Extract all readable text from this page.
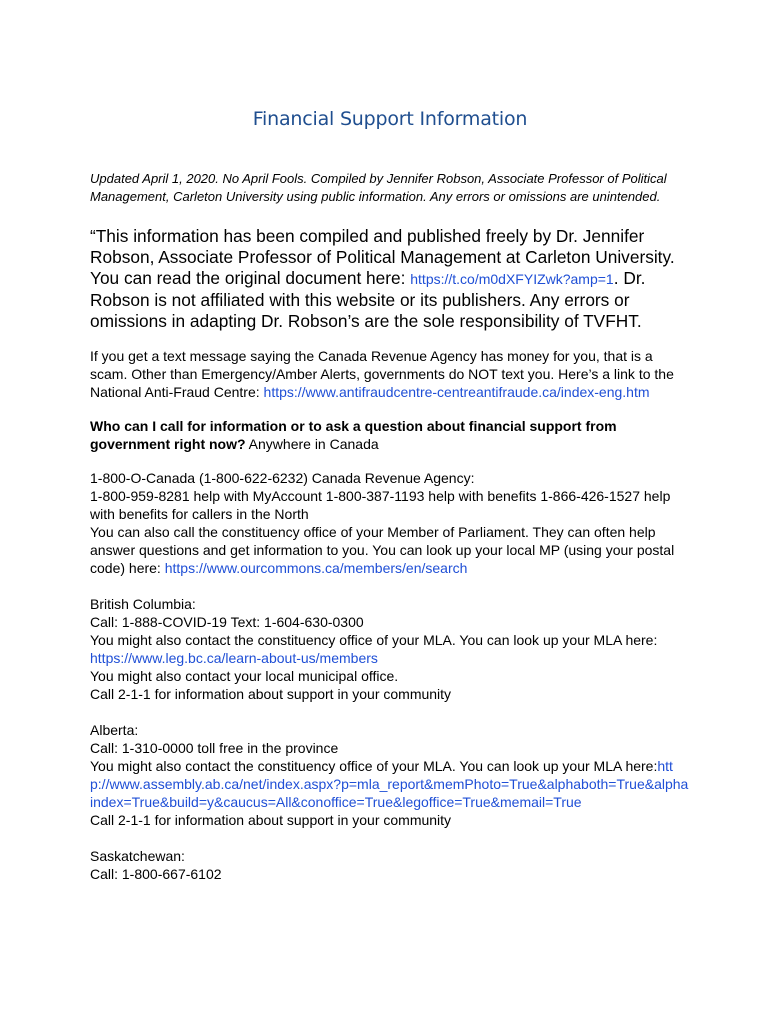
Financial Support Information

Updated April 1, 2020. No April Fools. Compiled by Jennifer Robson, Associate Professor of Political Management, Carleton University using public information. Any errors or omissions are unintended.

“This information has been compiled and published freely by Dr. Jennifer Robson, Associate Professor of Political Management at Carleton University. You can read the original document here: https://t.co/m0dXFYIZwk?amp=1. Dr. Robson is not affiliated with this website or its publishers. Any errors or omissions in adapting Dr. Robson’s are the sole responsibility of TVFHT.

If you get a text message saying the Canada Revenue Agency has money for you, that is a scam. Other than Emergency/Amber Alerts, governments do NOT text you. Here’s a link to the National Anti-Fraud Centre: https://www.antifraudcentre-centreantifraude.ca/index-eng.htm

Who can I call for information or to ask a question about financial support from government right now? Anywhere in Canada

1-800-O-Canada (1-800-622-6232) Canada Revenue Agency:
1-800-959-8281 help with MyAccount 1-800-387-1193 help with benefits 1-866-426-1527 help with benefits for callers in the North
You can also call the constituency office of your Member of Parliament. They can often help answer questions and get information to you. You can look up your local MP (using your postal code) here: https://www.ourcommons.ca/members/en/search
British Columbia:
Call: 1-888-COVID-19 Text: 1-604-630-0300
You might also contact the constituency office of your MLA. You can look up your MLA here: https://www.leg.bc.ca/learn-about-us/members
You might also contact your local municipal office.
Call 2-1-1 for information about support in your community
Alberta:
Call: 1-310-0000 toll free in the province
You might also contact the constituency office of your MLA. You can look up your MLA here:http://www.assembly.ab.ca/net/index.aspx?p=mla_report&memPhoto=True&alphaboth=True&alphaindex=True&build=y&caucus=All&conoffice=True&legoffice=True&memail=True
Call 2-1-1 for information about support in your community
Saskatchewan:
Call: 1-800-667-6102
